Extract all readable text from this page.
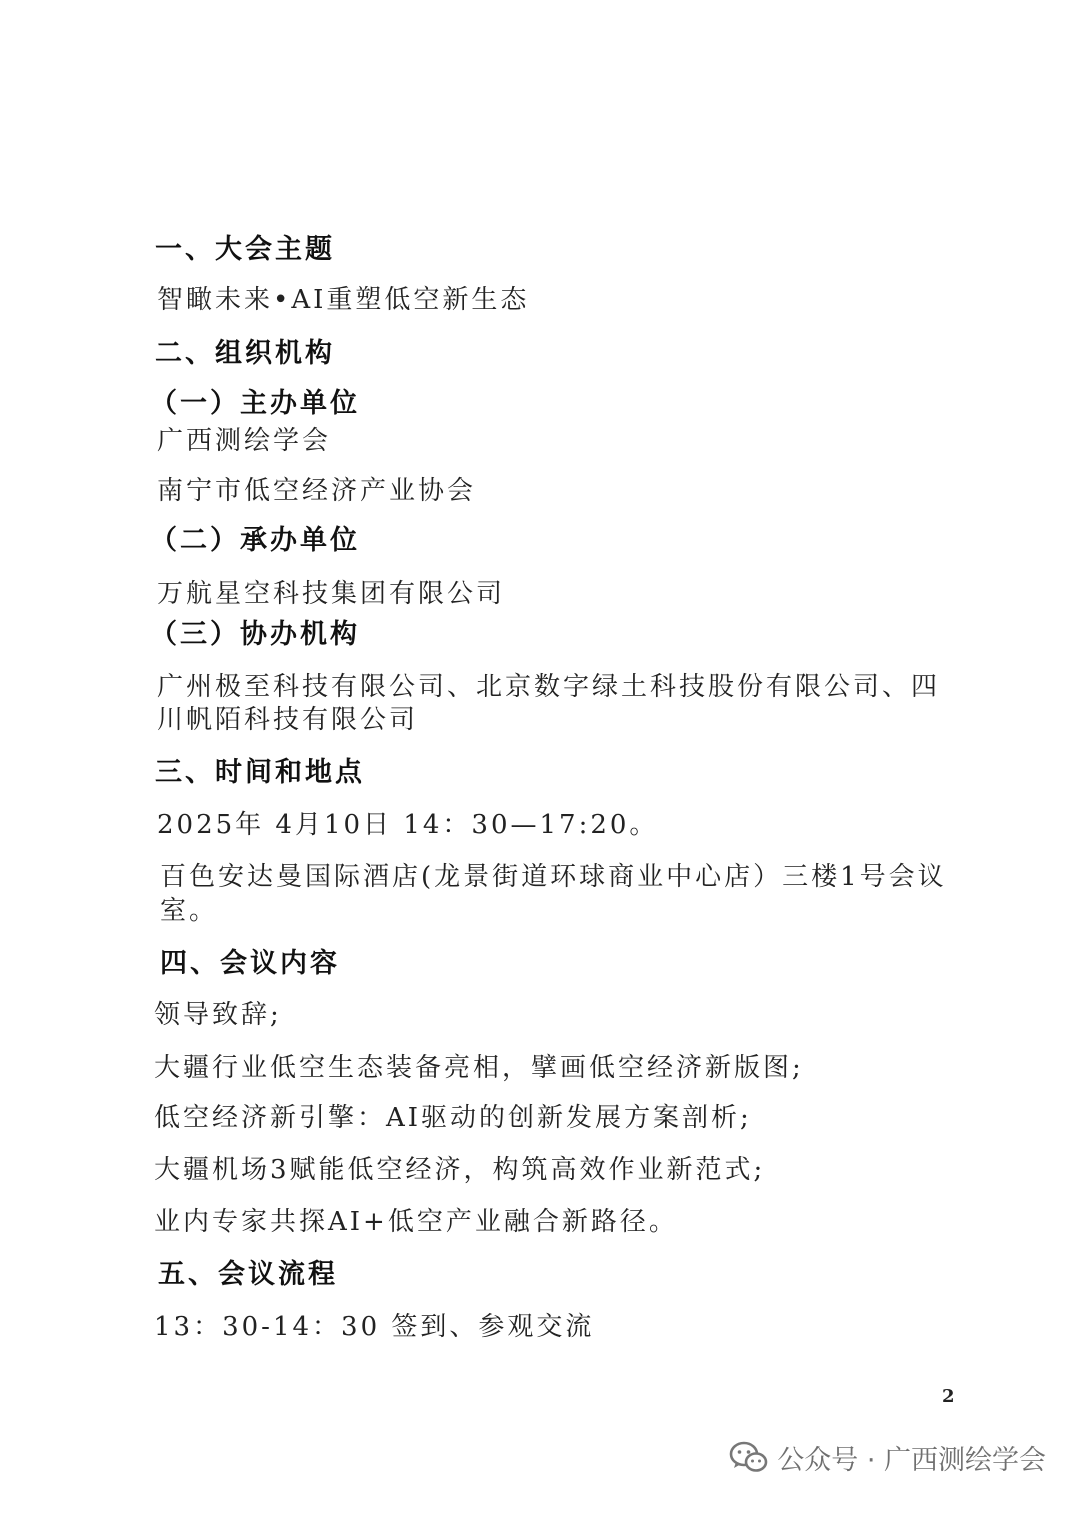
一、大会主题
智瞰未来•AI重塑低空新生态
二、组织机构
（一）主办单位
广西测绘学会
南宁市低空经济产业协会
（二）承办单位
万航星空科技集团有限公司
（三）协办机构
广州极至科技有限公司、北京数字绿土科技股份有限公司、四
川帆陌科技有限公司
三、时间和地点
2025年 4月10日 14：30—17:20。
百色安达曼国际酒店(龙景街道环球商业中心店）三楼1号会议
室。
四、会议内容
领导致辞;
大疆行业低空生态装备亮相，擘画低空经济新版图;
低空经济新引擎：AI驱动的创新发展方案剖析;
大疆机场3赋能低空经济，构筑高效作业新范式;
业内专家共探AI+低空产业融合新路径。
五、会议流程
13：30-14：30 签到、参观交流
2
公众号 · 广西测绘学会
